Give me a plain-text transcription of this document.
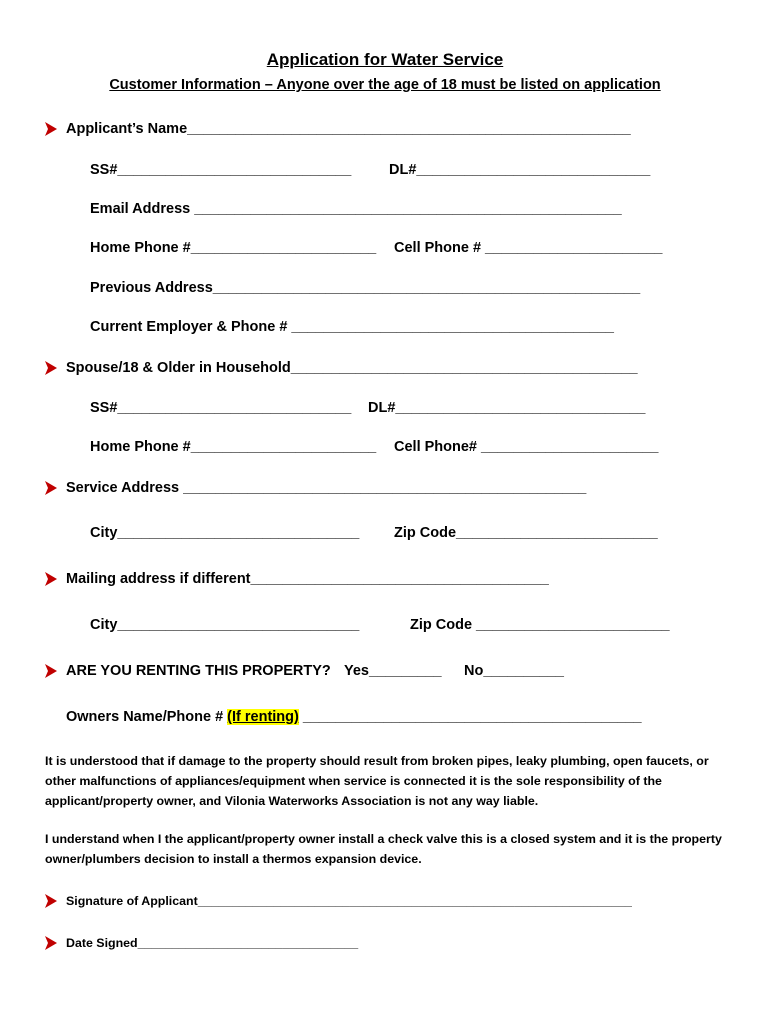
Application for Water Service
Customer Information – Anyone over the age of 18 must be listed on application
Applicant’s Name_______________________________________________________
SS#_____________________________	DL#_____________________________
Email Address _____________________________________________________
Home Phone #_______________________ Cell Phone # ______________________
Previous Address_____________________________________________________
Current Employer & Phone # ________________________________________
Spouse/18 & Older in Household___________________________________________
SS#_____________________________ DL#_______________________________
Home Phone #_______________________ Cell Phone# ______________________
Service Address __________________________________________________
City______________________________ Zip Code_________________________
Mailing address if different_____________________________________
City______________________________	Zip Code ________________________
ARE YOU RENTING THIS PROPERTY? Yes_________ No__________
Owners Name/Phone # (If renting) __________________________________________
It is understood that if damage to the property should result from broken pipes, leaky plumbing, open faucets, or other malfunctions of appliances/equipment when service is connected it is the sole responsibility of the applicant/property owner, and Vilonia Waterworks Association is not any way liable.
I understand when I the applicant/property owner install a check valve this is a closed system and it is the property owner/plumbers decision to install a thermos expansion device.
Signature of Applicant_______________________________________________________________
Date Signed________________________________
